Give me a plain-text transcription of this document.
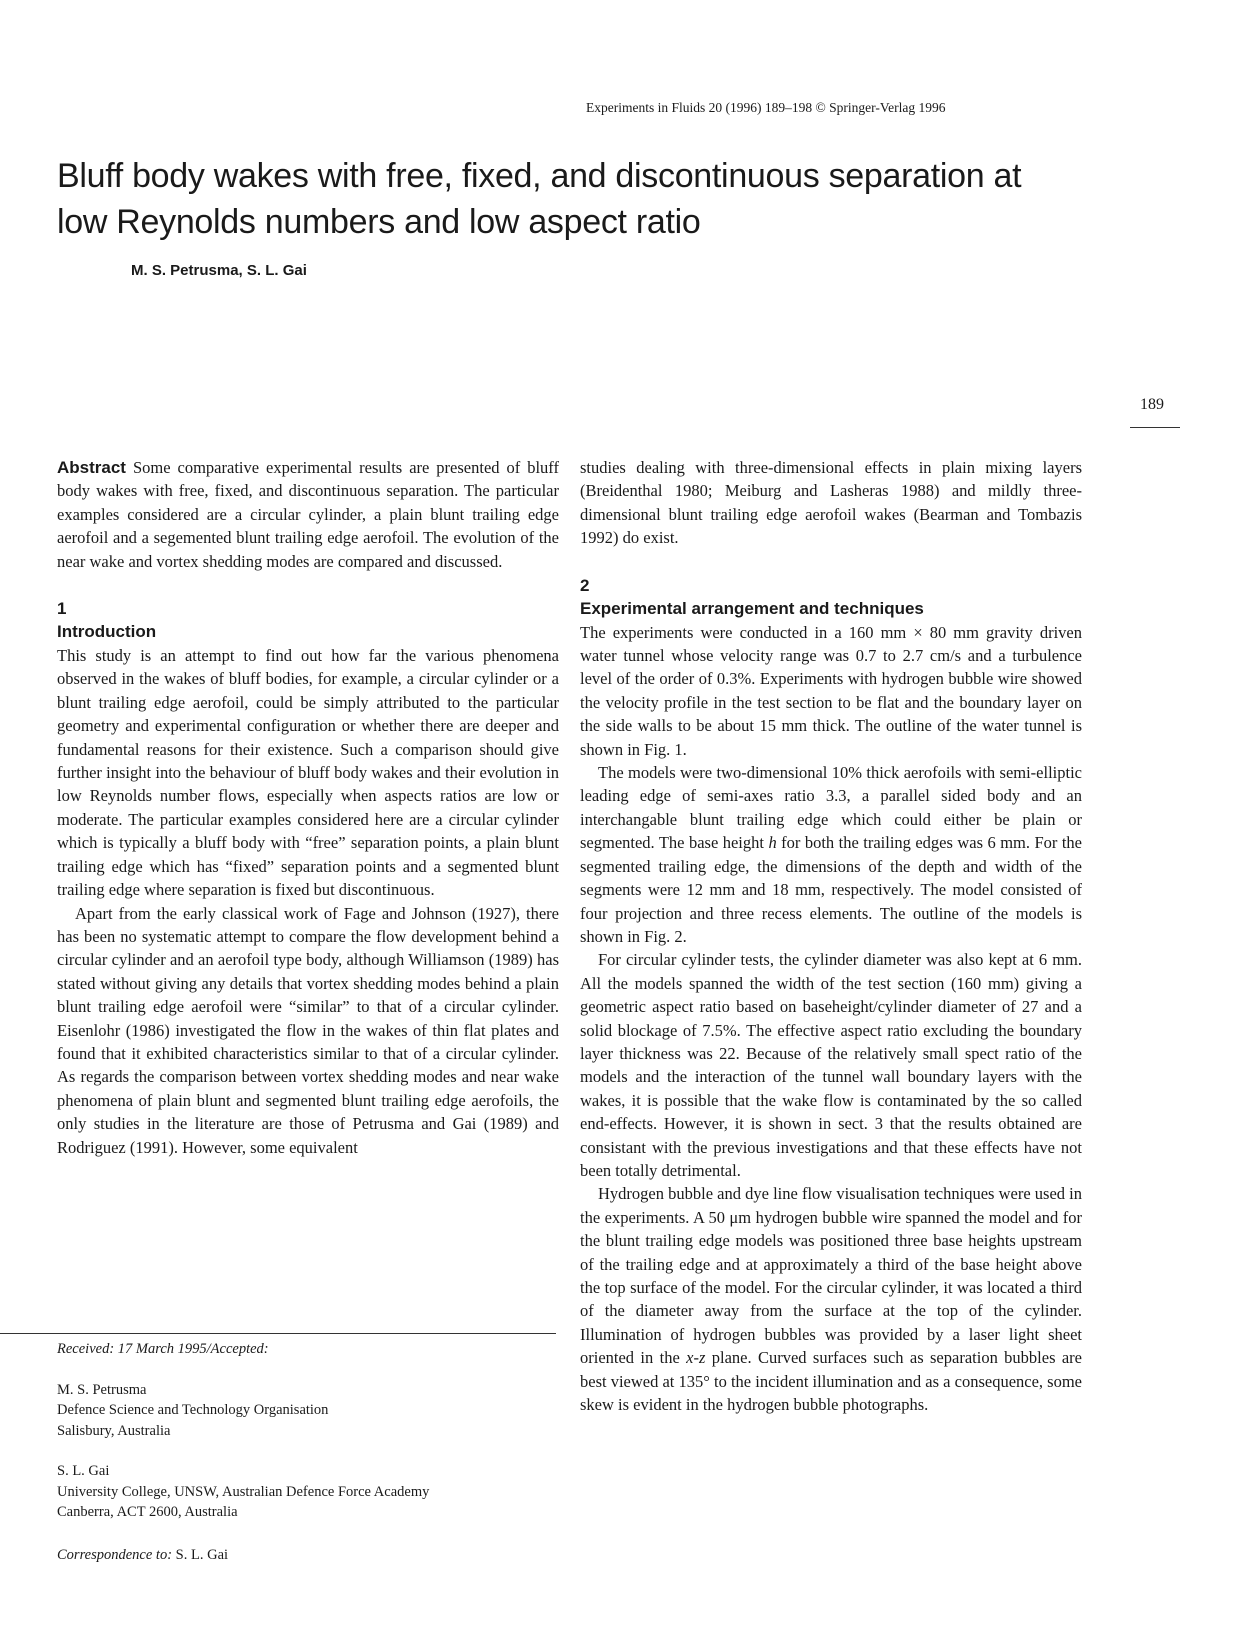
Experiments in Fluids 20 (1996) 189–198 © Springer-Verlag 1996
Bluff body wakes with free, fixed, and discontinuous separation at
low Reynolds numbers and low aspect ratio
M. S. Petrusma, S. L. Gai
189

Abstract Some comparative experimental results are presented of bluff body wakes with free, fixed, and discontinuous separation. The particular examples considered are a circular cylinder, a plain blunt trailing edge aerofoil and a segemented blunt trailing edge aerofoil. The evolution of the near wake and vortex shedding modes are compared and discussed.

1

Introduction

This study is an attempt to find out how far the various phenomena observed in the wakes of bluff bodies, for example, a circular cylinder or a blunt trailing edge aerofoil, could be simply attributed to the particular geometry and experimental configuration or whether there are deeper and fundamental reasons for their existence. Such a comparison should give further insight into the behaviour of bluff body wakes and their evolution in low Reynolds number flows, especially when aspects ratios are low or moderate. The particular examples considered here are a circular cylinder which is typically a bluff body with “free” separation points, a plain blunt trailing edge which has “fixed” separation points and a segmented blunt trailing edge where separation is fixed but discontinuous.

Apart from the early classical work of Fage and Johnson (1927), there has been no systematic attempt to compare the flow development behind a circular cylinder and an aerofoil type body, although Williamson (1989) has stated without giving any details that vortex shedding modes behind a plain blunt trailing edge aerofoil were “similar” to that of a circular cylinder. Eisenlohr (1986) investigated the flow in the wakes of thin flat plates and found that it exhibited characteristics similar to that of a circular cylinder. As regards the comparison between vortex shedding modes and near wake phenomena of plain blunt and segmented blunt trailing edge aerofoils, the only studies in the literature are those of Petrusma and Gai (1989) and Rodriguez (1991). However, some equivalent

studies dealing with three-dimensional effects in plain mixing layers (Breidenthal 1980; Meiburg and Lasheras 1988) and mildly three-dimensional blunt trailing edge aerofoil wakes (Bearman and Tombazis 1992) do exist.

2

Experimental arrangement and techniques

The experiments were conducted in a 160 mm × 80 mm gravity driven water tunnel whose velocity range was 0.7 to 2.7 cm/s and a turbulence level of the order of 0.3%. Experiments with hydrogen bubble wire showed the velocity profile in the test section to be flat and the boundary layer on the side walls to be about 15 mm thick. The outline of the water tunnel is shown in Fig. 1.

The models were two-dimensional 10% thick aerofoils with semi-elliptic leading edge of semi-axes ratio 3.3, a parallel sided body and an interchangable blunt trailing edge which could either be plain or segmented. The base height h for both the trailing edges was 6 mm. For the segmented trailing edge, the dimensions of the depth and width of the segments were 12 mm and 18 mm, respectively. The model consisted of four projection and three recess elements. The outline of the models is shown in Fig. 2.

For circular cylinder tests, the cylinder diameter was also kept at 6 mm. All the models spanned the width of the test section (160 mm) giving a geometric aspect ratio based on baseheight/cylinder diameter of 27 and a solid blockage of 7.5%. The effective aspect ratio excluding the boundary layer thickness was 22. Because of the relatively small spect ratio of the models and the interaction of the tunnel wall boundary layers with the wakes, it is possible that the wake flow is contaminated by the so called end-effects. However, it is shown in sect. 3 that the results obtained are consistant with the previous investigations and that these effects have not been totally detrimental.

Hydrogen bubble and dye line flow visualisation techniques were used in the experiments. A 50 μm hydrogen bubble wire spanned the model and for the blunt trailing edge models was positioned three base heights upstream of the trailing edge and at approximately a third of the base height above the top surface of the model. For the circular cylinder, it was located a third of the diameter away from the surface at the top of the cylinder. Illumination of hydrogen bubbles was provided by a laser light sheet oriented in the x-z plane. Curved surfaces such as separation bubbles are best viewed at 135° to the incident illumination and as a consequence, some skew is evident in the hydrogen bubble photographs.

Received: 17 March 1995/Accepted:

M. S. Petrusma

Defence Science and Technology Organisation

Salisbury, Australia

S. L. Gai

University College, UNSW, Australian Defence Force Academy

Canberra, ACT 2600, Australia

Correspondence to: S. L. Gai
